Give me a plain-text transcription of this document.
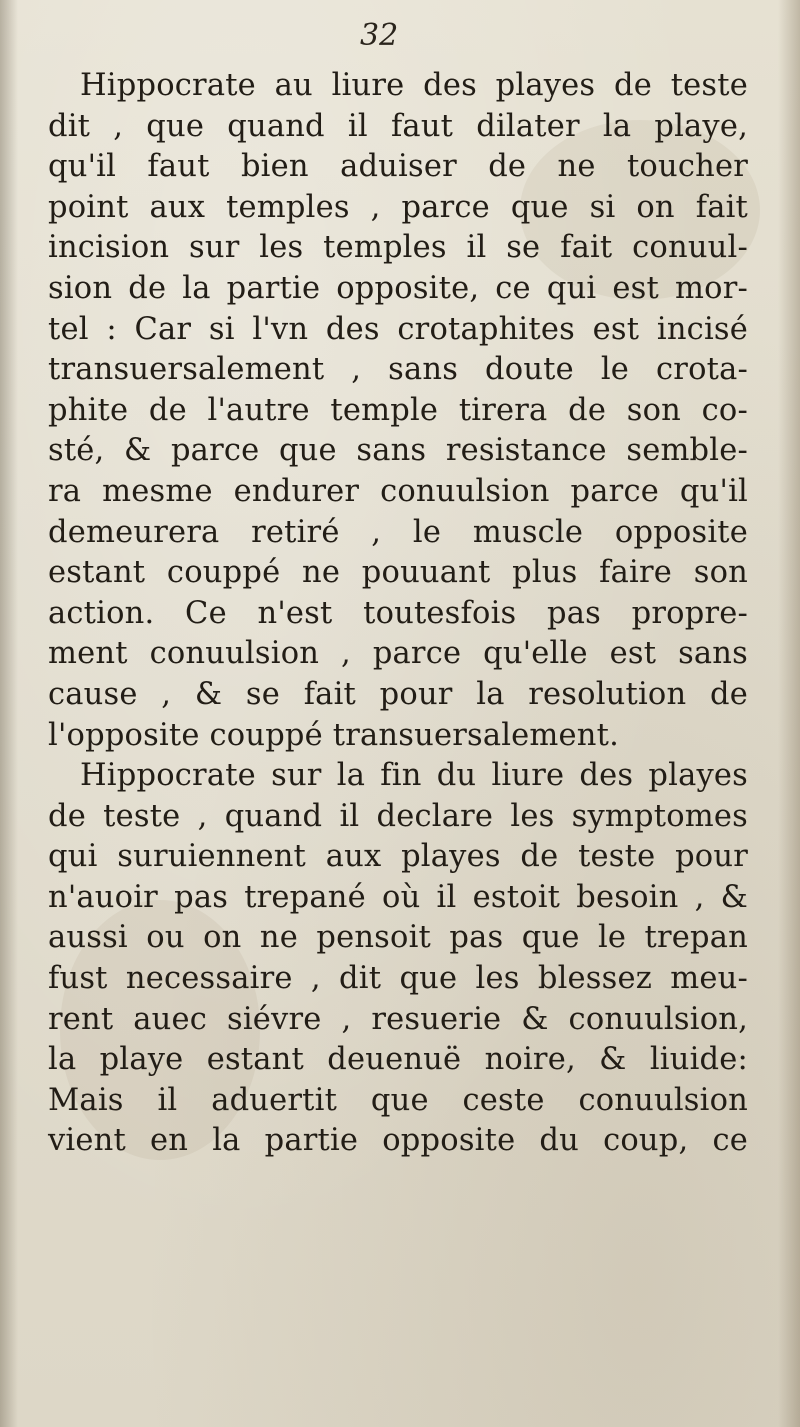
32
Hippocrate au liure des playes de teste
dit , que quand il faut dilater la playe,
qu'il faut bien aduiser de ne toucher
point aux temples , parce que si on fait
incision sur les temples il se fait conuul-
sion de la partie opposite, ce qui est mor-
tel : Car si l'vn des crotaphites est incisé
transuersalement , sans doute le crota-
phite de l'autre temple tirera de son co-
sté, & parce que sans resistance semble-
ra mesme endurer conuulsion parce qu'il
demeurera retiré , le muscle opposite
estant couppé ne pouuant plus faire son
action. Ce n'est toutesfois pas propre-
ment conuulsion , parce qu'elle est sans
cause , & se fait pour la resolution de
l'opposite couppé transuersalement.
Hippocrate sur la fin du liure des playes
de teste , quand il declare les symptomes
qui suruiennent aux playes de teste pour
n'auoir pas trepané où il estoit besoin , &
aussi ou on ne pensoit pas que le trepan
fust necessaire , dit que les blessez meu-
rent auec siévre , resuerie & conuulsion,
la playe estant deuenuë noire, & liuide:
Mais il aduertit que ceste conuulsion
vient en la partie opposite du coup, ce
